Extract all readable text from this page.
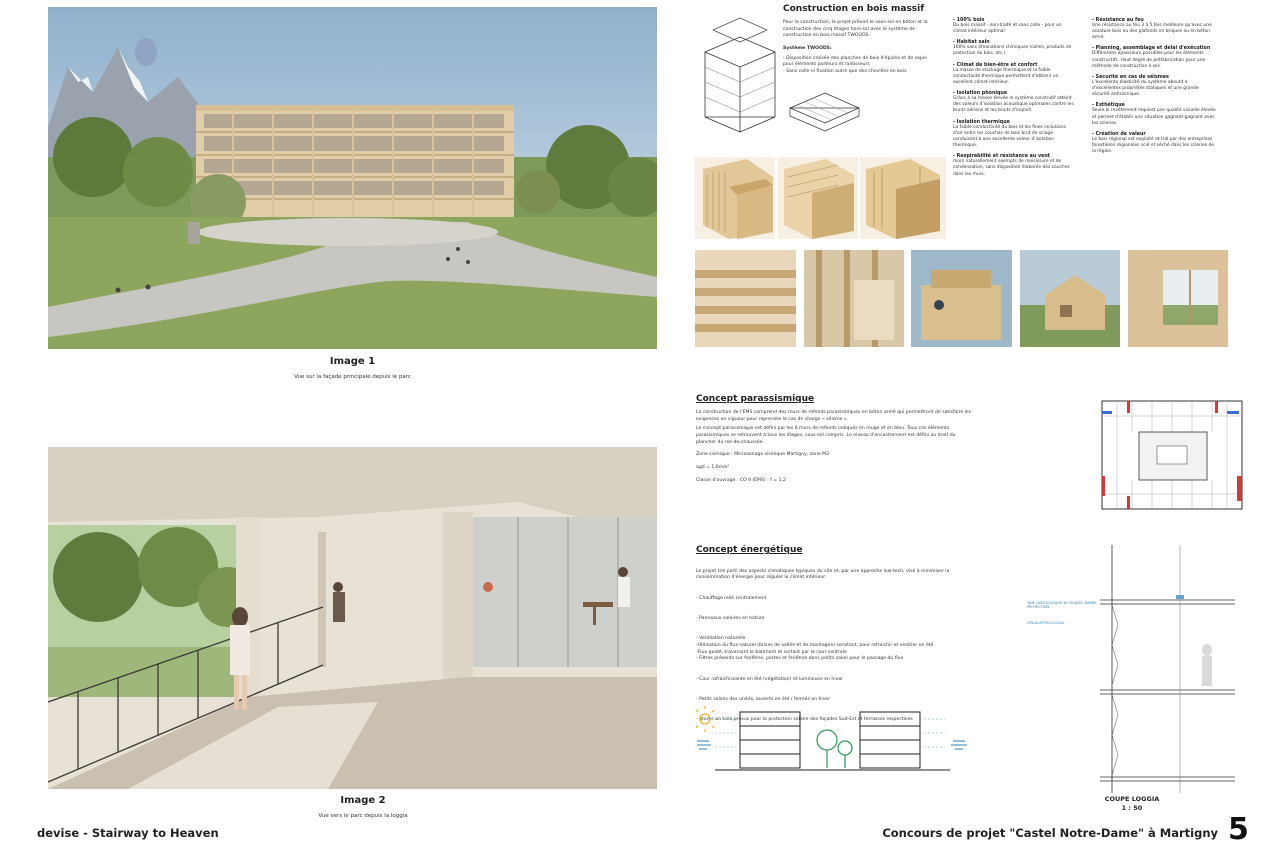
Image 1
Vue sur la façade principale depuis le parc
Image 2
Vue vers le parc depuis la loggia
Construction en bois massif

Pour la construction, le projet prévoit le sous-sol en béton et la construction des cinq étages hors-sol avec le système de construction en bois massif TWOODS.

Système TWOODS:

- Disposition croisée des planches de bois d'épicéa et de sapin pour éléments porteurs et raidisseurs
- Sans colle ni fixation autre que des chevilles en bois
- 100% bois
Du bois massif - non-traité et sans colle - pour un climat intérieur optimal
- Habitat sain
100% sans émanations chimiques (colles, produits de protection du bois, etc.)
- Climat de bien-être et confort
La masse de stockage thermique et la faible conductivité thermique permettent d'obtenir un excellent climat intérieur.
- Isolation phonique
Grâce à sa masse élevée le système construtif atteint des valeurs d'isolation acoustique optimales contre les bruits aériens et les bruits d'impact.
- Isolation thermique
La faible conductivité du bois et les fines inclusions d'air entre les couches de bois brut de sciage conduisent à une excellente valeur d'isolation thermique.
- Respirabilité et résistance au vent
murs naturellement exempts de moisissure et de condensation, sans disposition élaborée des couches dans les murs.
- Résistance au feu
Une résistance au feu 3 à 5 fois meilleure qu'avec une ossature bois ou des plafonds en briques ou en béton armé.
- Planning, assemblage et délai d'exécution
Différentes épaisseurs possibles pour les éléments constructifs. Haut degré de préfabrication pour une méthode de construction à sec.
- Sécurité en cas de séismes
L'excellente élasticité du système aboutit à d'excellentes propriétés statiques et une grande sécurité antisismique.
- Esthétique
Seule le revêtement requiert une qualité visuelle élevée et permet d'établir une situation gagnant-gagnant avec les scieries.
- Création de valeur
Le bois régional est exploité et trié par des entreprises forestières régionales scié et séché dans les scieries de la région.
Concept parassismique

La construction de l'EMS comprend des murs de refends parasismiques en béton armé qui permettront de satisfaire les exigences en vigueur pour reprendre le cas de charge « séisme ».

Le concept parasismique est défini par les 6 murs de refends indiqués en rouge et en bleu. Tous ces éléments parasismiques se retrouvent à tous les étages, sous-sol compris. Le niveau d'encastrement est défini au droit du plancher du rez-de-chaussée.

Zone sismique : Microzonage sismique Martigny, zone M3

agd = 1,6m/s²

Classe d'ouvrage : CO II (EMS) : f = 1,2

Concept énergétique

Le projet tire parti des aspects climatiques typiques du site et, par une approche low-tech, visé à minimiser la consommation d'énergie pour réguler le climat intérieur:

- Chauffage relié centralement

- Panneaux solaires en toiture

- Ventilation naturelle
-Utilisation du flux naturel (brises de vallée et de montagne) constant, pour refraichir et ventiler en été
-Flux guidé, traversant le batiment et sortant par la cour centrale
- Filtres présents sur fenêtres, portes et fenêtres dans petits salon pour le passage du flux

- Cour rafraichissante en été (végétation) et lumineuse en hiver

- Petits salons des unités, ouverts en été / fermés en hiver

- Stores en toile prévus pour la protection solaire des façades Sud-Est et terrasses respectives

VIDE HODOLOGIQUE 30 CM AVEC BARRE PROTECTION
CIRCULATION LOGGIA
COUPE LOGGIA
1 : 50
devise - Stairway to Heaven	Concours de projet "Castel Notre-Dame" à Martigny 5
